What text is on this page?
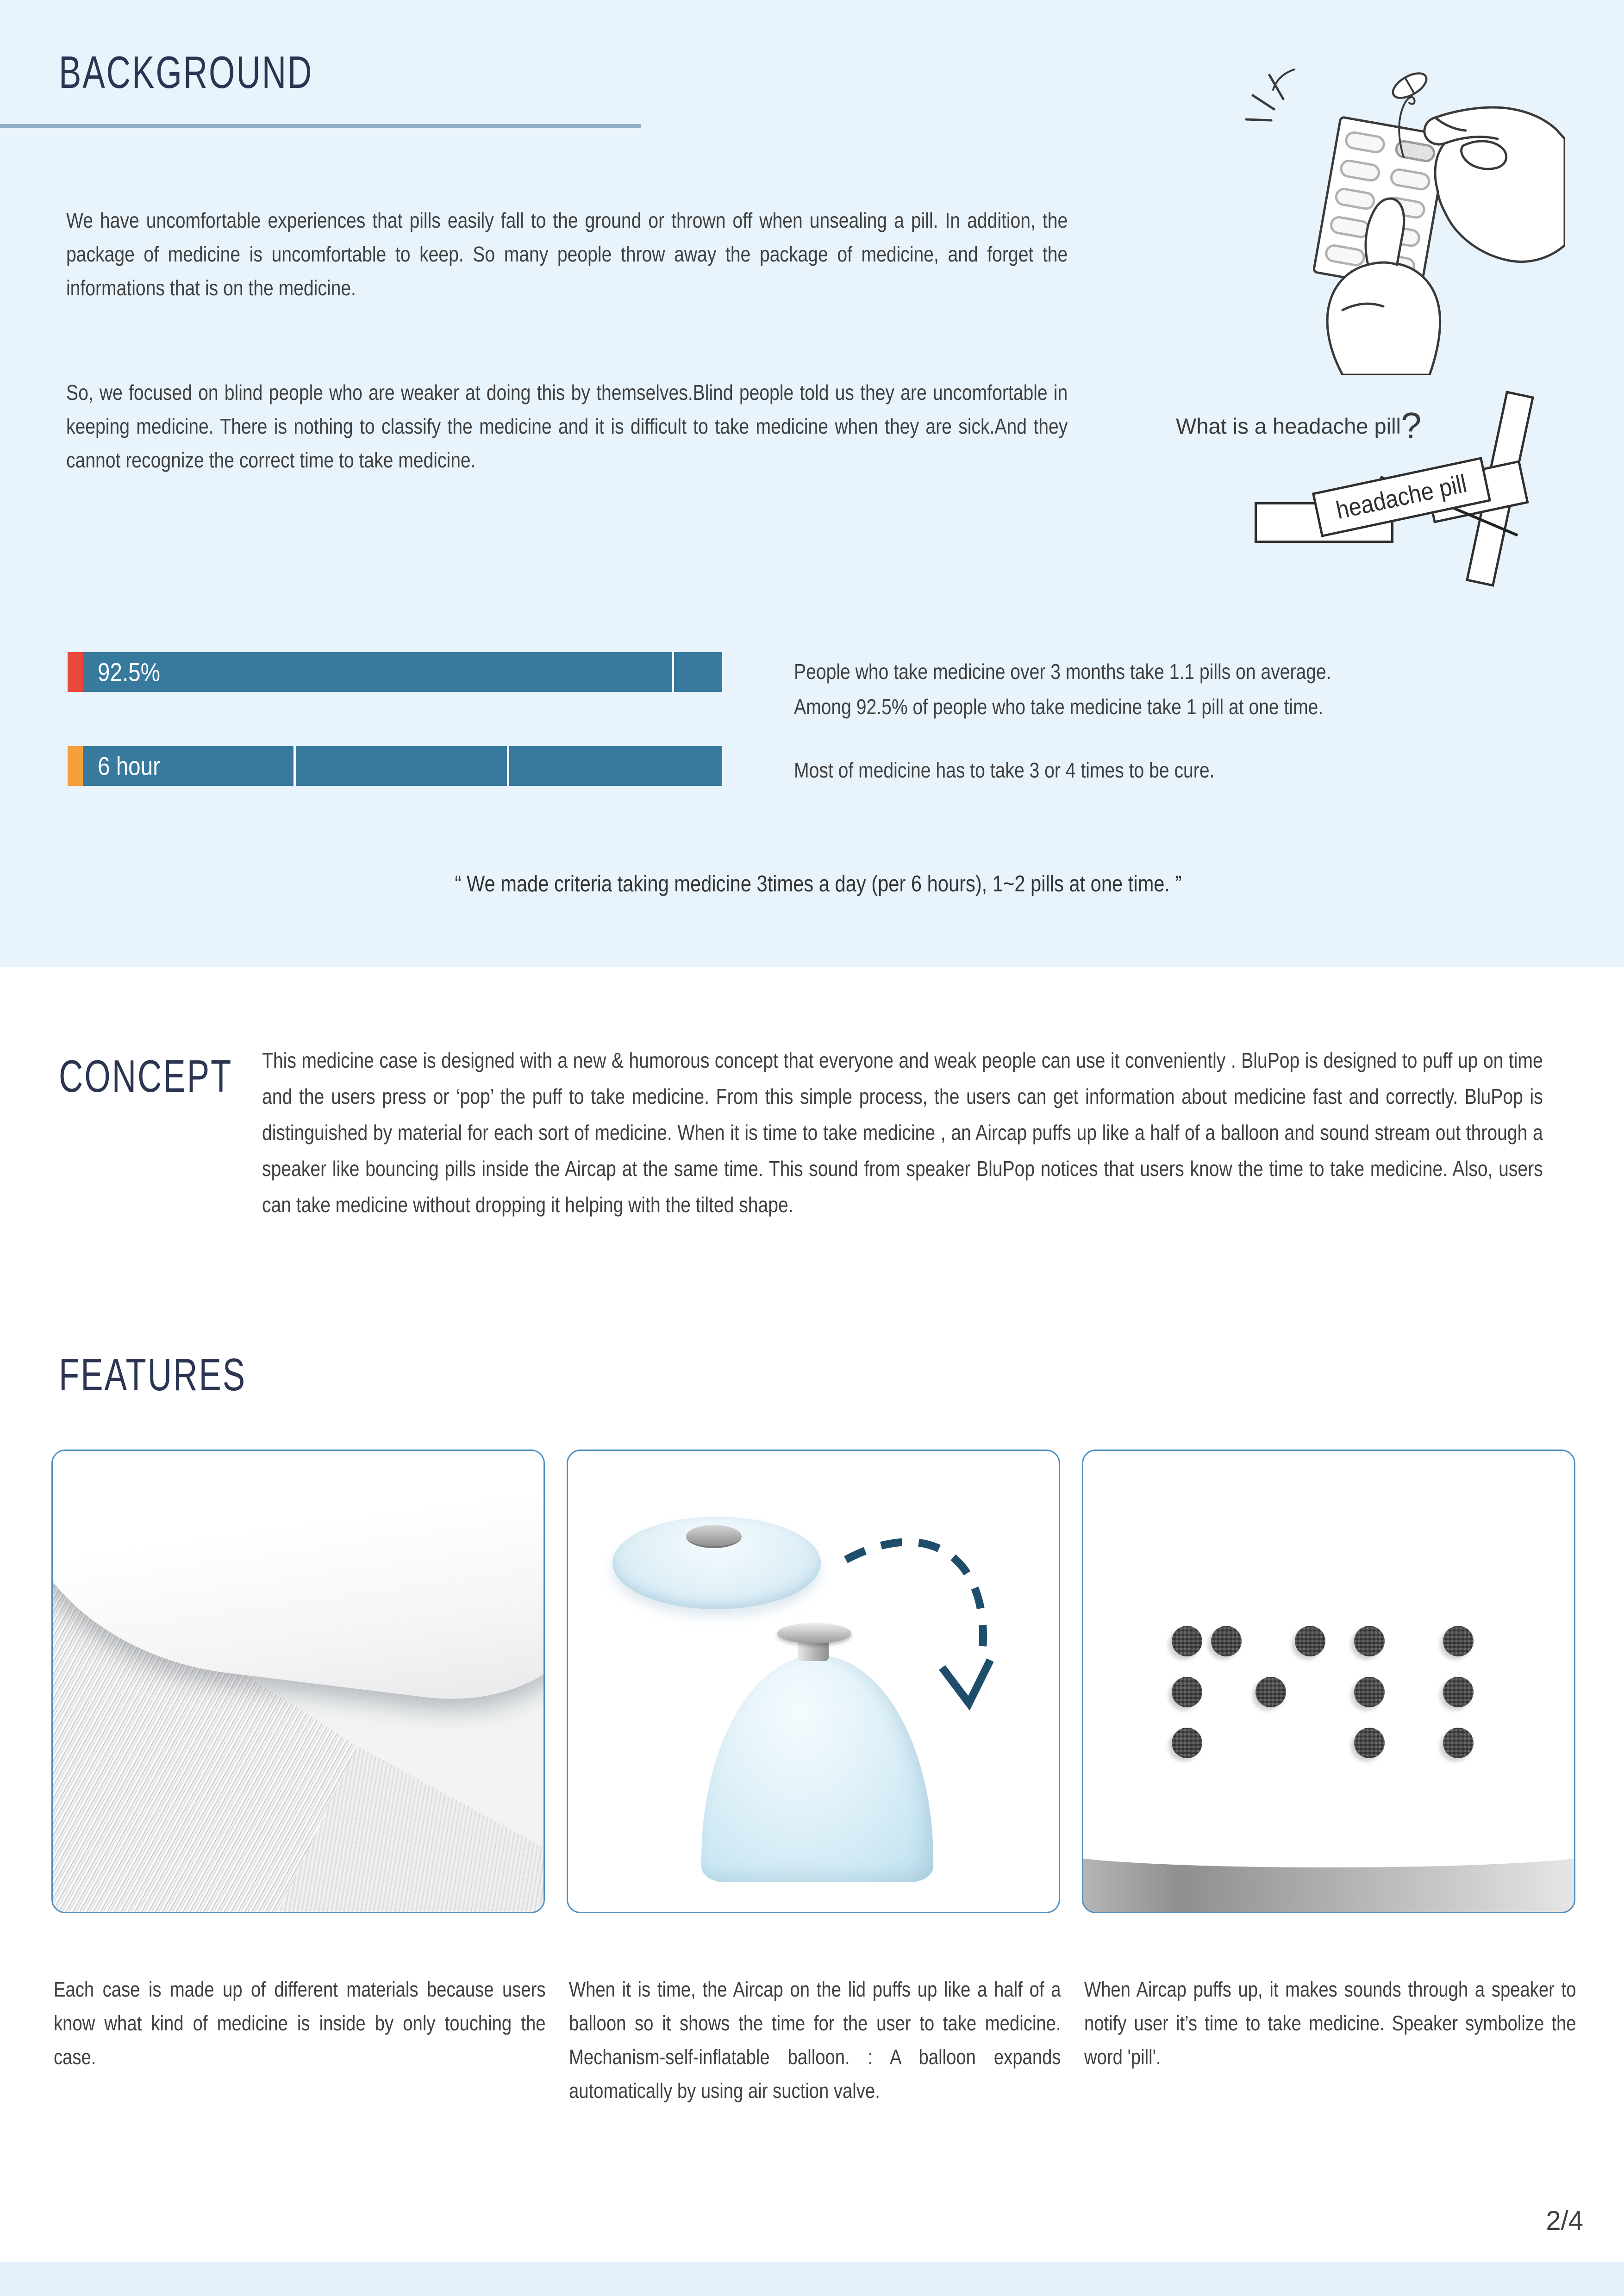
BACKGROUND
We have uncomfortable experiences that pills easily fall to the ground or thrown off when unsealing a pill. In addition, the package of medicine is uncomfortable to keep. So many people throw away the package of medicine, and forget the informations that is on the medicine.
So, we focused on blind people who are weaker at doing this by themselves.Blind people told us they are uncomfortable in keeping medicine. There is nothing to classify the medicine and it is difficult to take medicine when they are sick.And they cannot recognize the correct time to take medicine.
What is a headache pill?
headache pill
92.5%
6 hour
People who take medicine over 3 months take 1.1 pills on average.
Among 92.5% of people who take medicine take 1 pill at one time.
Most of medicine has to take 3 or 4 times to be cure.
“ We made criteria taking medicine 3times a day (per 6 hours), 1~2 pills at one time. ”
CONCEPT This medicine case is designed with a new & humorous concept that everyone and weak people can use it conveniently . BluPop is designed to puff up on time and the users press or ‘pop’ the puff to take medicine. From this simple process, the users can get information about medicine fast and correctly. BluPop is distinguished by material for each sort of medicine. When it is time to take medicine , an Aircap puffs up like a half of a balloon and sound stream out through a speaker like bouncing pills inside the Aircap at the same time. This sound from speaker BluPop notices that users know the time to take medicine. Also, users can take medicine without dropping it helping with the tilted shape.
FEATURES
Each case is made up of different materials because users know what kind of medicine is inside by only touching the case.
When it is time, the Aircap on the lid puffs up like a half of a balloon so it shows the time for the user to take medicine. Mechanism-self-inflatable balloon. : A balloon expands automatically by using air suction valve.
When Aircap puffs up, it makes sounds through a speaker to notify user it’s time to take medicine. Speaker symbolize the word 'pill'.
2/4
